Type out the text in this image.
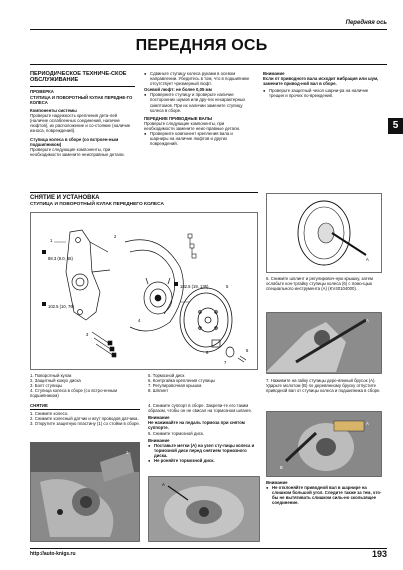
Передняя ось
ПЕРЕДНЯЯ ОСЬ
5

ПЕРИОДИЧЕСКОЕ ТЕХНИЧЕ-СКОЕ ОБСЛУЖИВАНИЕ

ПРОВЕРКА

СТУПИЦА И ПОВОРОТНЫЙ КУЛАК ПЕРЕДНЕ-ГО КОЛЕСА

Компоненты системы

Проверьте надежность крепления дета-лей (наличие ослабленных соединений, наличие люфтов), их расположение и со-стояние (наличие износа, повреждений).

Ступица колеса в сборе (со встроен-ным подшипником)

Проверьте следующие компоненты, при необходимости замените неисправные детали.

● Сдвиньте ступицу колеса руками в осевом направлении. Убедитесь в том, что в подшипнике отсутствует чрезмерный люфт.

Осевой люфт: не более 0,05 мм

● Проверните ступицу и проверьте наличие посторонних шумов или дру-гих нехарактерных симптомов. При их наличии замените ступицу колеса в сборе.

ПЕРЕДНИЕ ПРИВОДНЫЕ ВАЛЫ

Проверьте следующие компоненты, при необходимости замените неис-правные детали.

● Проверните компонент крепления вала и шарниры на наличие люфтов и других повреждений.

Внимание

Если от приводного вала исходит вибрация или шум, замените привод-ной вал в сборе.

● Проверьте защитный чехол шарни-ра на наличие трещин и прочих по-вреждений.

СНЯТИЕ И УСТАНОВКА

СТУПИЦА И ПОВОРОТНЫЙ КУЛАК ПЕРЕДНЕГО КОЛЕСА

88.3 (9.0, 65)
102.5 (10, 76)
182.5 (19, 135)
1
2
3
4
5
6
7
8

1. Поворотный кулак

2. Защитный кожух диска

3. Болт ступицы

4. Ступица колеса в сборе (со встро-енным подшипником)

5. Тормозной диск

6. Контргайка крепления ступицы

7. Регулировочная крышка

8. Шплинт

СНЯТИЕ

1. Снимите колесо.

2. Снимите колесный датчик и жгут проводов датчика.

3. Открутите защитную пластину (1) со стойки в сборе.

1

4. Снимите суппорт в сборе. Закрепи-те его таким образом, чтобы он не свисал на тормозном шланге.

Внимание

Не нажимайте на педаль тормоза при снятом суппорте.

5. Снимите тормозной диск.

Внимание

● Поставьте метки (А) на узел сту-пицы колеса и тормозной диск перед снятием тормозного диска.

● Не роняйте тормозной диск.

A
A

6. Снимите шплинт и регулировоч-ную крышку, затем ослабьте кон-тргайку ступицы колеса (6) с помо-щью специального инструмента (А) (KV40104000).

A

7. Наживите на гайку ступицы дере-вянный брусок (А). Ударьте молотом (B) по деревянному бруску отпустите приводной вал от ступицы колеса и подшипника в сборе.

A
B

Внимание

● Не отклоняйте приводной вал в шарнире на слишком большой угол. Следите также за тем, что-бы не вытягивать слишком силь-но скользящее соединение.

http://auto-knigs.ru	193
